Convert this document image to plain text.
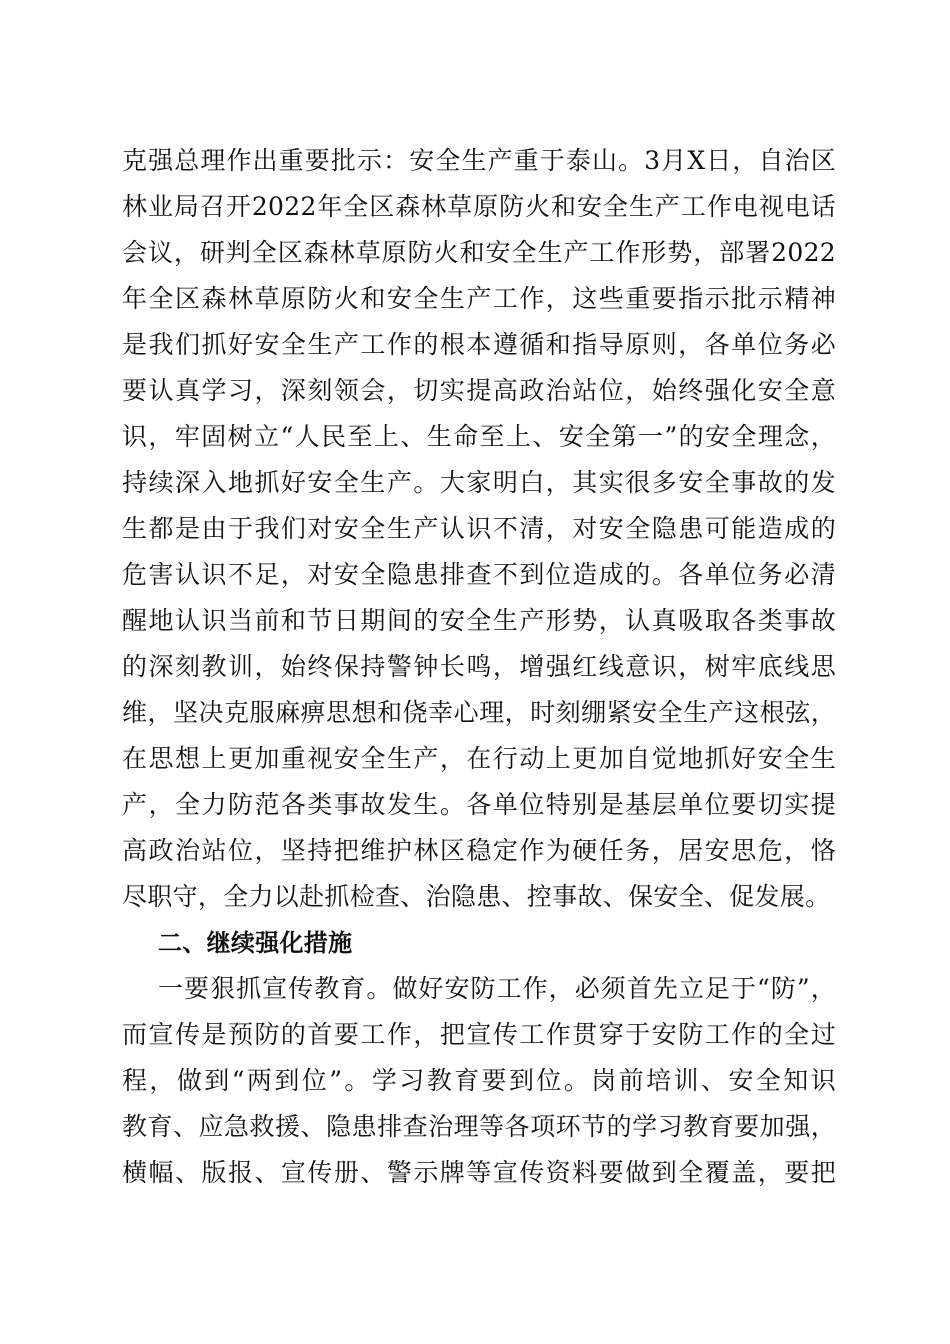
克强总理作出重要批示：安全生产重于泰山。3月X日，自治区
林业局召开2022年全区森林草原防火和安全生产工作电视电话
会议，研判全区森林草原防火和安全生产工作形势，部署2022
年全区森林草原防火和安全生产工作，这些重要指示批示精神
是我们抓好安全生产工作的根本遵循和指导原则，各单位务必
要认真学习，深刻领会，切实提高政治站位，始终强化安全意
识，牢固树立“人民至上、生命至上、安全第一”的安全理念，
持续深入地抓好安全生产。大家明白，其实很多安全事故的发
生都是由于我们对安全生产认识不清，对安全隐患可能造成的
危害认识不足，对安全隐患排查不到位造成的。各单位务必清
醒地认识当前和节日期间的安全生产形势，认真吸取各类事故
的深刻教训，始终保持警钟长鸣，增强红线意识，树牢底线思
维，坚决克服麻痹思想和侥幸心理，时刻绷紧安全生产这根弦，
在思想上更加重视安全生产，在行动上更加自觉地抓好安全生
产，全力防范各类事故发生。各单位特别是基层单位要切实提
高政治站位，坚持把维护林区稳定作为硬任务，居安思危，恪
尽职守，全力以赴抓检查、治隐患、控事故、保安全、促发展。
二、继续强化措施
一要狠抓宣传教育。做好安防工作，必须首先立足于“防”，
而宣传是预防的首要工作，把宣传工作贯穿于安防工作的全过
程，做到“两到位”。学习教育要到位。岗前培训、安全知识
教育、应急救援、隐患排查治理等各项环节的学习教育要加强，
横幅、版报、宣传册、警示牌等宣传资料要做到全覆盖，要把
